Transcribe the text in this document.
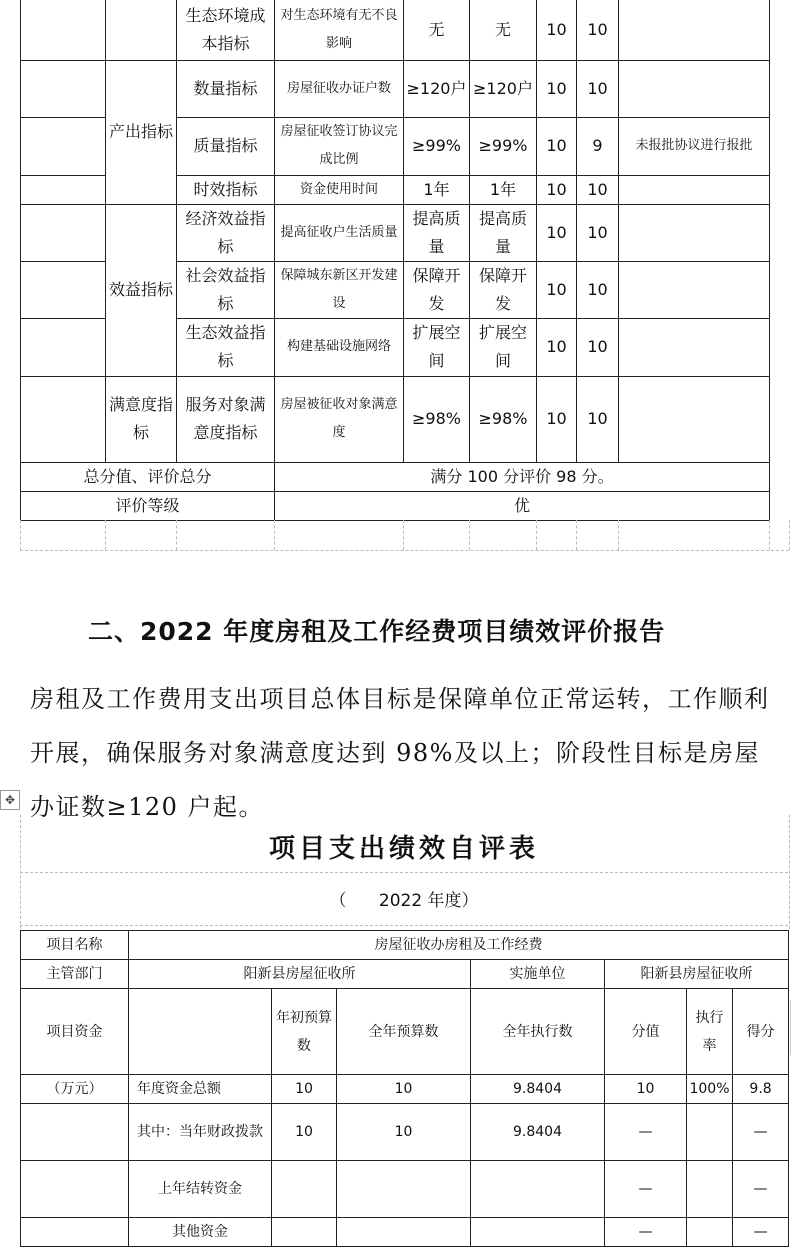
		生态环境成本指标	对生态环境有无不良影响	无	无	10	10	
	产出指标	数量指标	房屋征收办证户数	≥120户	≥120户	10	10	
		质量指标	房屋征收签订协议完成比例	≥99%	≥99%	10	9	未报批协议进行报批
		时效指标	资金使用时间	1年	1年	10	10	
	效益指标	经济效益指标	提高征收户生活质量	提高质量	提高质量	10	10	
		社会效益指标	保障城东新区开发建设	保障开发	保障开发	10	10	
		生态效益指标	构建基础设施网络	扩展空间	扩展空间	10	10	
	满意度指标	服务对象满意度指标	房屋被征收对象满意度	≥98%	≥98%	10	10	
总分值、评价总分			满分 100 分评价 98 分。					
评价等级			优					
二、2022 年度房租及工作经费项目绩效评价报告
房租及工作费用支出项目总体目标是保障单位正常运转，工作顺利开展，确保服务对象满意度达到 98%及以上；阶段性目标是房屋办证数≥120 户起。
✥
项目支出绩效自评表
（      2022 年度）
项目名称	房屋征收办房租及工作经费						
主管部门	阳新县房屋征收所			实施单位	阳新县房屋征收所		
项目资金		年初预算数	全年预算数	全年执行数	分值	执行率	得分
（万元）	年度资金总额	10	10	9.8404	10	100%	9.8
	其中：当年财政拨款	10	10	9.8404	—		—
	上年结转资金				—		—
	其他资金				—		—
